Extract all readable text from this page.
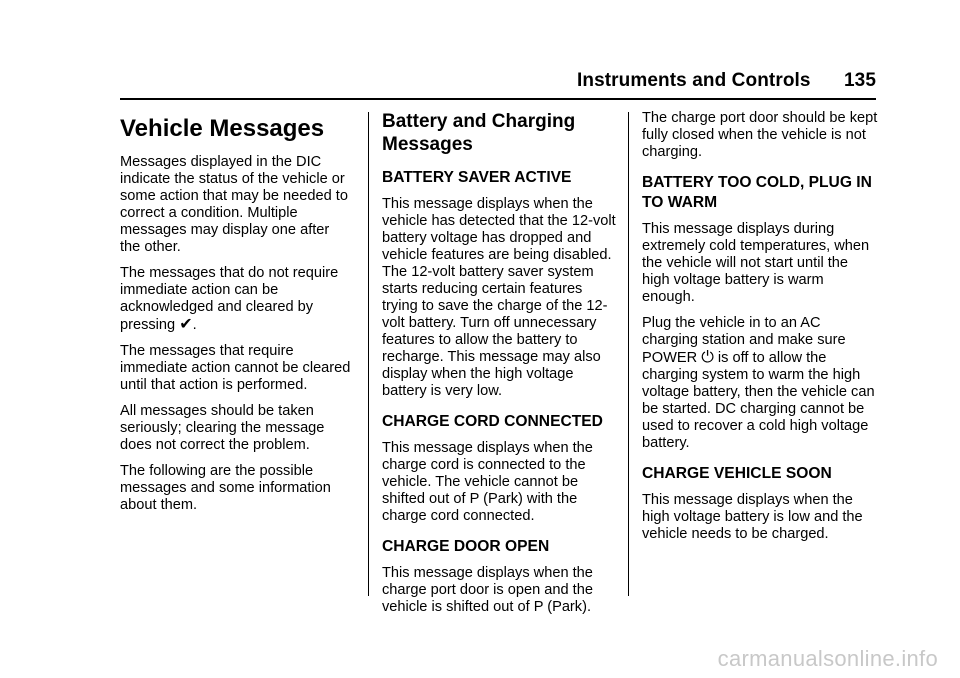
Instruments and Controls 135
Vehicle Messages

Messages displayed in the DIC indicate the status of the vehicle or some action that may be needed to correct a condition. Multiple messages may display one after the other.

The messages that do not require immediate action can be acknowledged and cleared by pressing ✔.

The messages that require immediate action cannot be cleared until that action is performed.

All messages should be taken seriously; clearing the message does not correct the problem.

The following are the possible messages and some information about them.

Battery and Charging Messages
BATTERY SAVER ACTIVE

This message displays when the vehicle has detected that the 12-volt battery voltage has dropped and vehicle features are being disabled. The 12-volt battery saver system starts reducing certain features trying to save the charge of the 12-volt battery. Turn off unnecessary features to allow the battery to recharge. This message may also display when the high voltage battery is very low.

CHARGE CORD CONNECTED

This message displays when the charge cord is connected to the vehicle. The vehicle cannot be shifted out of P (Park) with the charge cord connected.

CHARGE DOOR OPEN

This message displays when the charge port door is open and the vehicle is shifted out of P (Park).

The charge port door should be kept fully closed when the vehicle is not charging.

BATTERY TOO COLD, PLUG IN TO WARM

This message displays during extremely cold temperatures, when the vehicle will not start until the high voltage battery is warm enough.

Plug the vehicle in to an AC charging station and make sure POWER ⏻ is off to allow the charging system to warm the high voltage battery, then the vehicle can be started. DC charging cannot be used to recover a cold high voltage battery.

CHARGE VEHICLE SOON

This message displays when the high voltage battery is low and the vehicle needs to be charged.

carmanualsonline.info
